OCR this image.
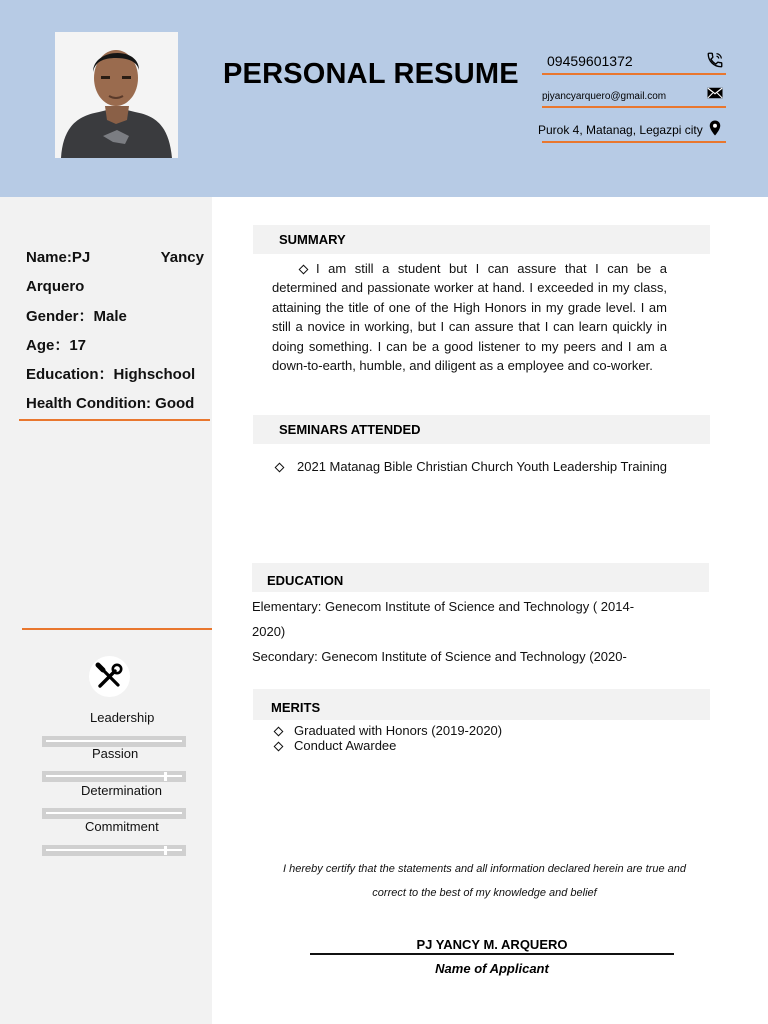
PERSONAL RESUME 09459601372
pjyancyarquero@gmail.com
Purok 4, Matanag, Legazpi city
Name:PJ	Yancy
Arquero
Gender：Male
Age：17
Education：Highschool
Health Condition: Good
Leadership
Passion
Determination
Commitment
SUMMARY
I am still a student but I can assure that I can be a determined and passionate worker at hand. I exceeded in my class, attaining the title of one of the High Honors in my grade level. I am still a novice in working, but I can assure that I can learn quickly in doing something. I can be a good listener to my peers and I am a down-to-earth, humble, and diligent as a employee and co-worker.
SEMINARS ATTENDED
2021 Matanag Bible Christian Church Youth Leadership Training
EDUCATION
Elementary: Genecom Institute of Science and Technology ( 2014-2020)
Secondary: Genecom Institute of Science and Technology (2020-
MERITS
Graduated with Honors (2019-2020)
Conduct Awardee
I hereby certify that the statements and all information declared herein are true and correct to the best of my knowledge and belief
PJ YANCY M. ARQUERO
Name of Applicant
